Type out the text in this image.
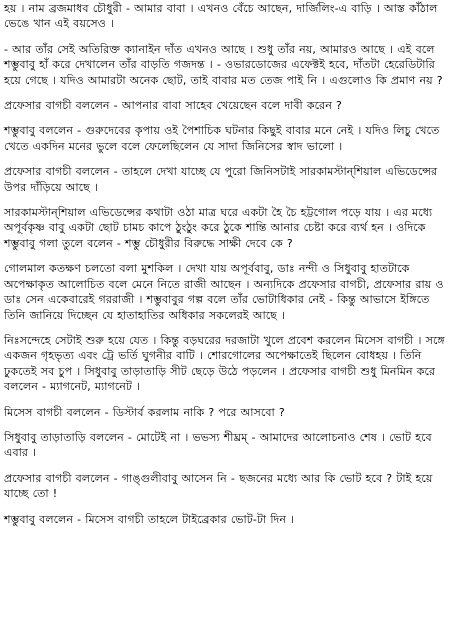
হয় । নাম ব্রজমাধব চৌধুরী - আমার বাবা । এখনও বেঁচে আছেন, দার্জিলিং-এ বাড়ি । আস্ত কাঁঠাল ভেঙে খান এই বয়সেও ।

- আর তাঁর সেই অতিরিক্ত ক্যানাইন দাঁত এখনও আছে । শুধু তাঁর নয়, আমারও আছে । এই বলে শম্ভুবাবু হাঁ করে দেখালেন তাঁর বাড়তি গজদন্ত । - ওভারডোজের এফেক্টই হবে, দাঁতটা হেরেডিটারি হয়ে গেছে । যদিও আমারটা অনেক ছোট, তাই বাবার মত তেজ পাই নি । এগুলোও কি প্রমাণ নয় ?

প্রফেসার বাগচী বললেন - আপনার বাবা সাহেব খেয়েছেন বলে দাবী করেন ?

শম্ভুবাবু বললেন - গুরুদেবের কৃপায় ওই পৈশাচিক ঘটনার কিছুই বাবার মনে নেই । যদিও লিচু খেতে খেতে একদিন মনের ভুলে বলে ফেলেছিলেন যে সাদা জিনিসের স্বাদ ভালো ।

প্রফেসার বাগচী বললেন - তাহলে দেখা যাচ্ছে যে পুরো জিনিসটাই সারকামস্টান্‌শিয়াল এভিডেন্সের উপর দাঁড়িয়ে আছে ।

সারকামস্টান্‌শিয়াল এভিডেন্সের কথাটা ওঠা মাত্র ঘরে একটা হৈ চৈ হট্টগোল পড়ে যায় । এর মধ্যে অপূর্বকৃষ্ণ বাবু একটা ছোট চামচ কাপে ঠুংঠুং করে ঠুকে শান্তি আনার চেষ্টা করে ব্যর্থ হন । ওদিকে শম্ভুবাবু গলা তুলে বলেন - শম্ভু চৌধুরীর বিরুদ্ধে সাক্ষী দেবে কে ?

গোলমাল কতক্ষণ চলতো বলা মুশকিল । দেখা যায় অপূর্ববাবু, ডাঃ নন্দী ও সিধুবাবু হাতটাকে অপেক্ষাকৃত আলোচিত বলে মেনে নিতে রাজী আছেন । অন্যদিকে প্রফেসার বাগচী, প্রফেসার রায় ও ডাঃ সেন একেবারেই গররাজী । শম্ভুবাবুর গল্প বলে তাঁর ভোটাধিকার নেই - কিন্তু আভাসে ইঙ্গিতে তিনি জানিয়ে দিচ্ছেন যে হাতাহাতির অধিকার সকলেরই আছে ।

নিঃসন্দেহে সেটাই শুরু হয়ে যেত । কিন্তু বড়ঘরের দরজাটা খুলে প্রবেশ করলেন মিসেস বাগচী । সঙ্গে একজন গৃহভৃত্য এবং ট্রে ভর্তি ঘুগনীর বাটি । শোরগোলের অপেক্ষাতেই ছিলেন বোধহয় । তিনি ঢুকতেই সব চুপ । সিধুবাবু তাড়াতাড়ি সীট ছেড়ে উঠে পড়লেন । প্রফেসার বাগচী শুধু মিনমিন করে বললেন - ম্যাগনেট, ম্যাগনেট ।

মিসেস বাগচী বললেন - ডিস্টার্ব করলাম নাকি ? পরে আসবো ?

সিধুবাবু তাড়াতাড়ি বললেন - মোটেই না । ভভস্য শীঘ্রম্‌ - আমাদের আলোচনাও শেষ । ভোট হবে এবার ।

প্রফেসার বাগচী বললেন - গাঙ্গুলীবাবু আসেন নি - ছজনের মধ্যে আর কি ভোট হবে ? টাই হয়ে যাচ্ছে তো !

শম্ভুবাবু বললেন - মিসেস বাগচী তাহলে টাইব্রেকার ভোট-টা দিন ।
